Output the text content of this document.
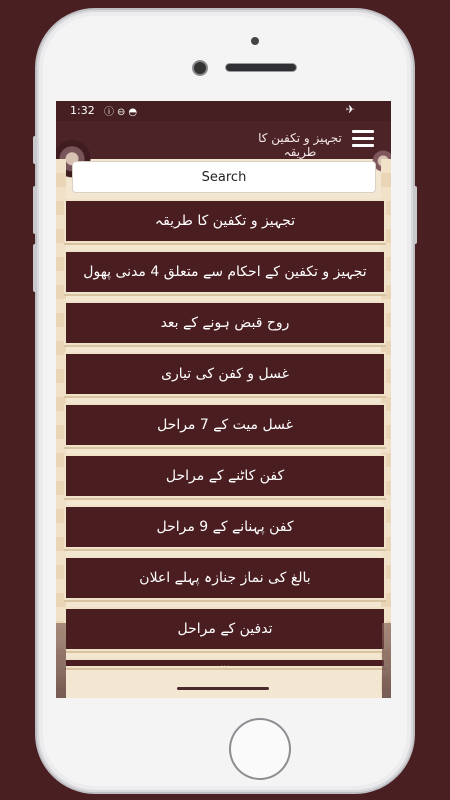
1:32 ⓘ⊖◓	✈
تجہیز و تکفین کا طریقہ
Search
تجہیز و تکفین کا طریقہ
تجہیز و تکفین کے احکام سے متعلق 4 مدنی پھول
روح قبض ہونے کے بعد
غسل و کفن کی تیاری
غسل میت کے 7 مراحل
کفن کاٹنے کے مراحل
کفن پہنانے کے 9 مراحل
بالغ کی نماز جنازہ پہلے اعلان
تدفین کے مراحل
...
